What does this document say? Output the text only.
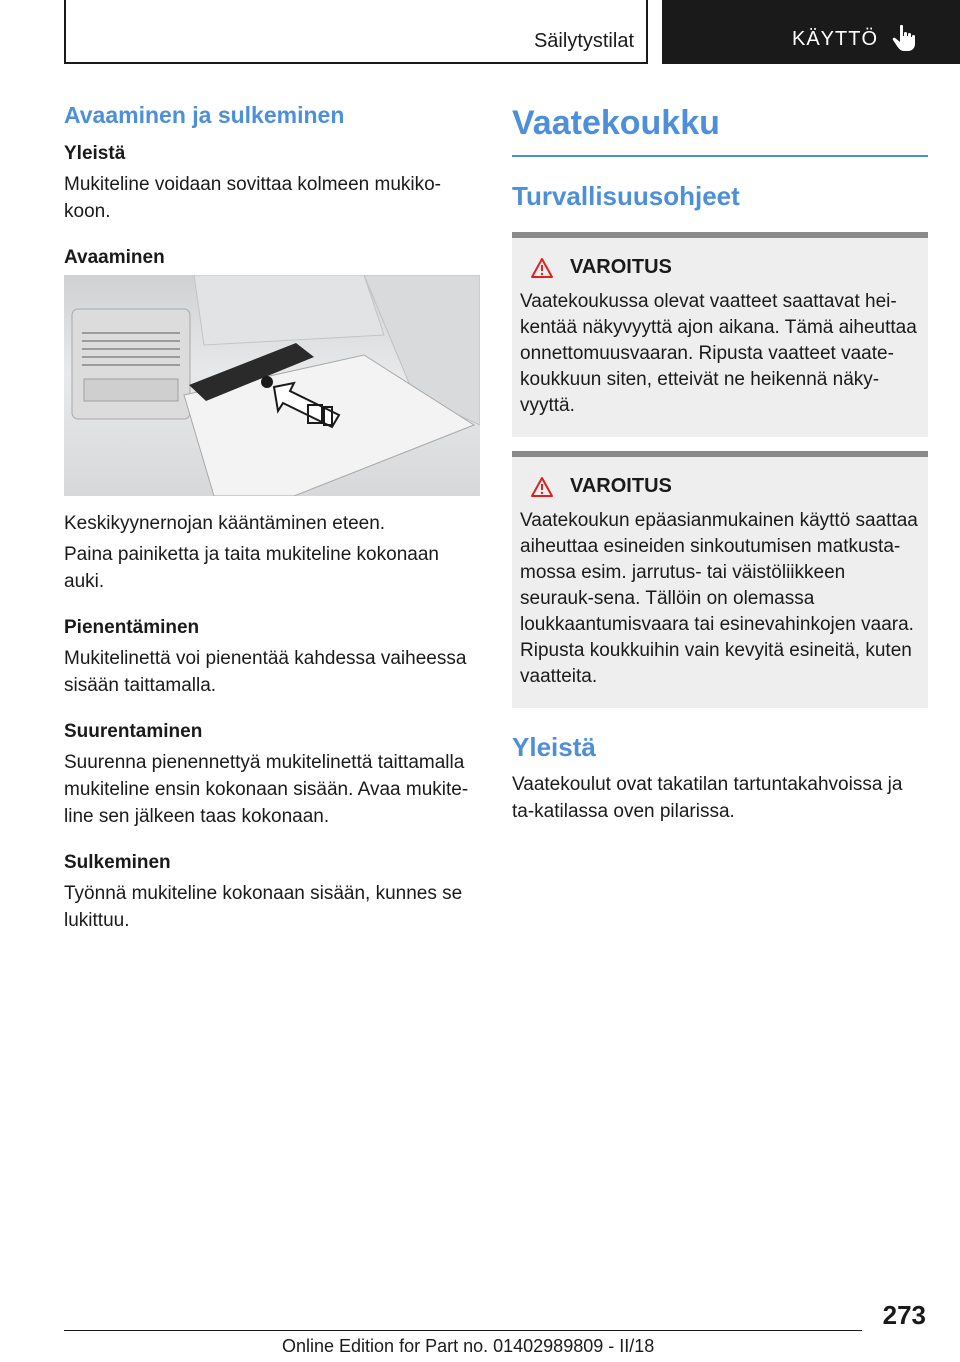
Säilytystilat	KÄYTTÖ
Avaaminen ja sulkeminen
Yleistä
Mukiteline voidaan sovittaa kolmeen mukiko-koon.
Avaaminen
Keskikyynernojan kääntäminen eteen.
Paina painiketta ja taita mukiteline kokonaan auki.
Pienentäminen
Mukitelinettä voi pienentää kahdessa vaiheessa sisään taittamalla.
Suurentaminen
Suurenna pienennettyä mukitelinettä taittamalla mukiteline ensin kokonaan sisään. Avaa mukite-line sen jälkeen taas kokonaan.
Sulkeminen
Työnnä mukiteline kokonaan sisään, kunnes se lukittuu.
Vaatekoukku
Turvallisuusohjeet
VAROITUS
Vaatekoukussa olevat vaatteet saattavat hei-kentää näkyvyyttä ajon aikana. Tämä aiheuttaa onnettomuusvaaran. Ripusta vaatteet vaate-koukkuun siten, etteivät ne heikennä näky-vyyttä.
VAROITUS
Vaatekoukun epäasianmukainen käyttö saattaa aiheuttaa esineiden sinkoutumisen matkusta-mossa esim. jarrutus- tai väistöliikkeen seurauk-sena. Tällöin on olemassa loukkaantumisvaara tai esinevahinkojen vaara. Ripusta koukkuihin vain kevyitä esineitä, kuten vaatteita.
Yleistä
Vaatekoulut ovat takatilan tartuntakahvoissa ja ta-katilassa oven pilarissa.
273
Online Edition for Part no. 01402989809 - II/18
